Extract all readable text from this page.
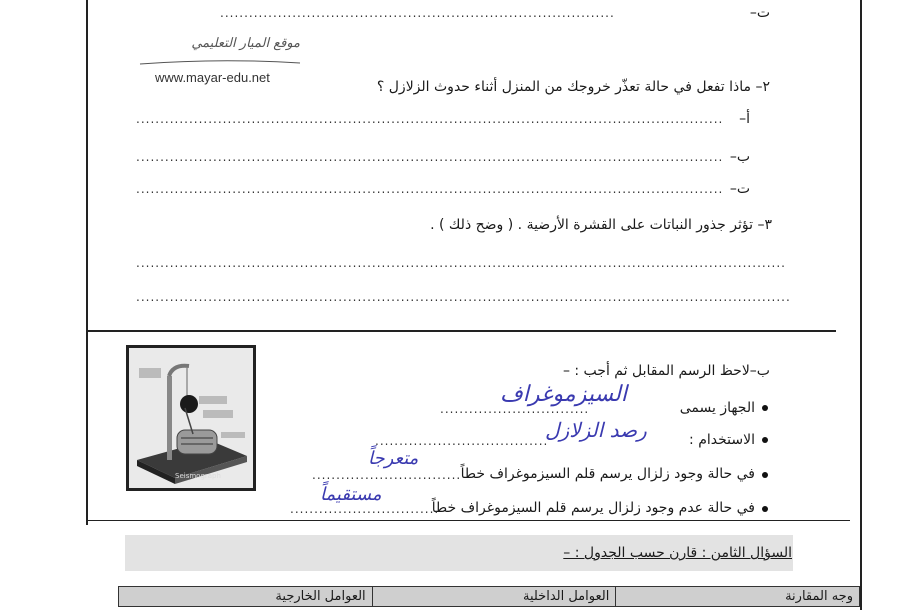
..................................................................................	ت–
موقع الميار التعليمي
www.mayar-edu.net
٢– ماذا تفعل في حالة تعذّر خروجك من المنزل أثناء حدوث الزلازل ؟
..........................................................................................................................	أ–
.......................................................................................................................... ب–
.......................................................................................................................... ت–
٣– تؤثر جذور النباتات على القشرة الأرضية . ( وضح ذلك ) .
.......................................................................................................................................
........................................................................................................................................
Seismograph
ب–لاحظ الرسم المقابل ثم أجب : –
الجهاز يسمى
...............................
السيزموغراف
الاستخدام :
....................................
رصد الزلازل
في حالة وجود زلزال يرسم قلم السيزموغراف خطاً
...............................
متعرجاً
في حالة عدم وجود زلزال يرسم قلم السيزموغراف خطاً
...............................
مستقيماً
السؤال الثامن : قارن حسب الجدول : –
العوامل الخارجية	العوامل الداخلية	وجه المقارنة
